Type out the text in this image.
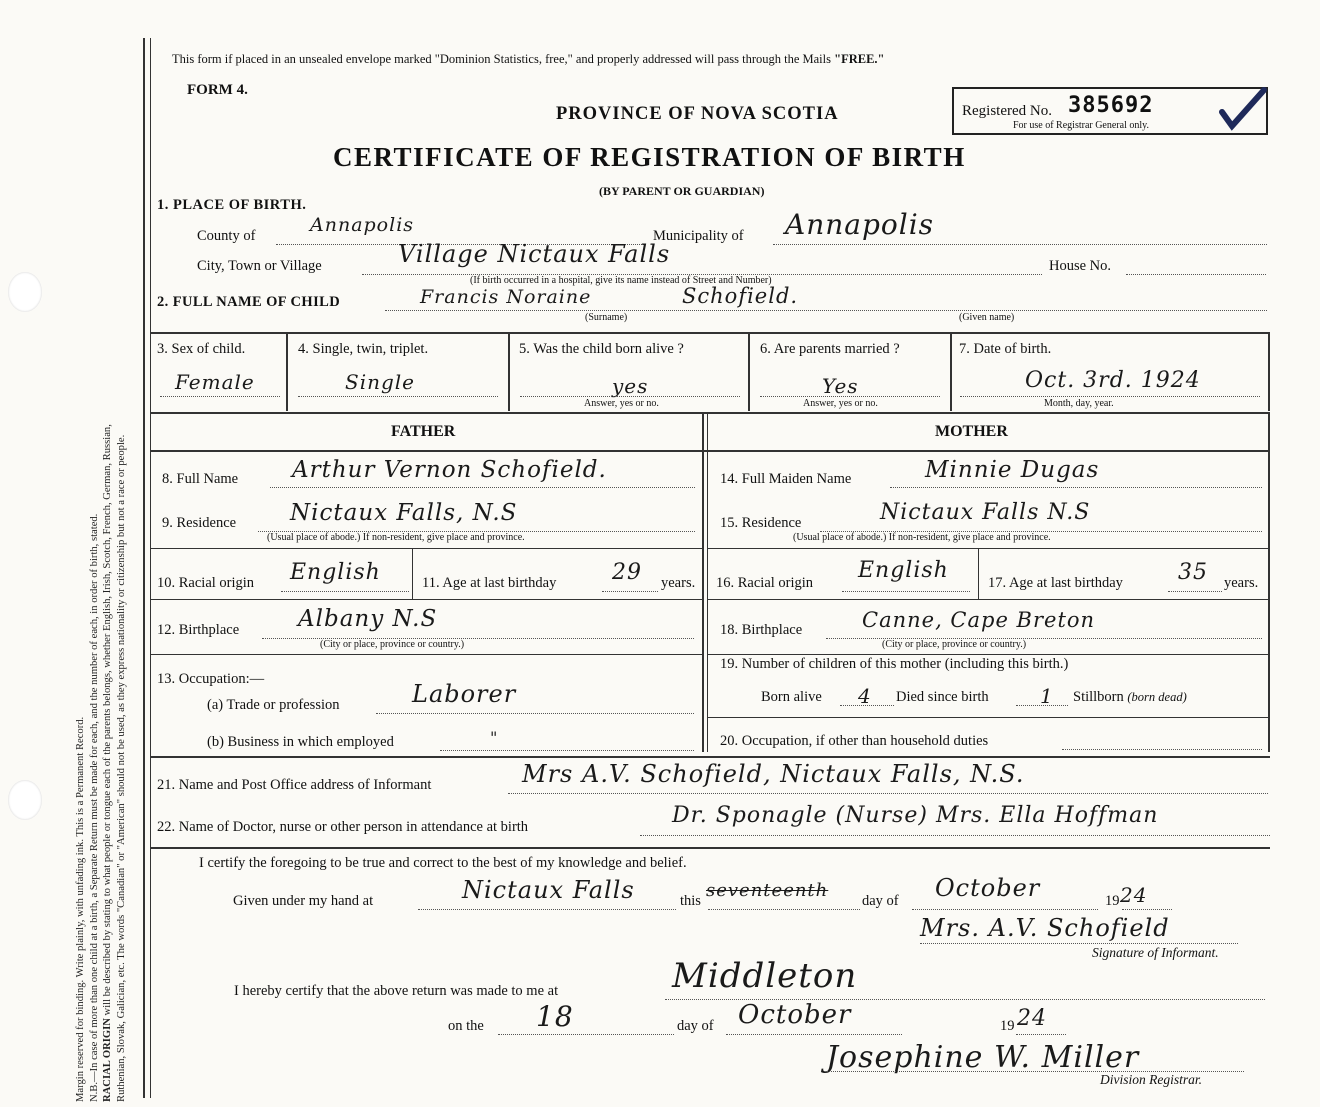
Margin reserved for binding. Write plainly, with unfading ink. This is a Permanent Record. N.B.—In case of more than one child at a birth, a Separate Return must be made for each, and the number of each, in order of birth, stated. RACIAL ORIGIN will be described by stating to what people or tongue each of the parents belongs, whether English, Irish, Scotch, French, German, Russian, Ruthenian, Slovak, Galician, etc. The words "Canadian" or "American" should not be used, as they express nationality or citizenship but not a race or people.
This form if placed in an unsealed envelope marked "Dominion Statistics, free," and properly addressed will pass through the Mails "FREE."
FORM 4.
PROVINCE OF NOVA SCOTIA
CERTIFICATE OF REGISTRATION OF BIRTH
(BY PARENT OR GUARDIAN)
Registered No. 385692
For use of Registrar General only.
1. PLACE OF BIRTH.
County of	Annapolis	Municipality of Annapolis
City, Town or Village	Village Nictaux Falls
(If birth occurred in a hospital, give its name instead of Street and Number)
House No.
2. FULL NAME OF CHILD	Francis Noraine	Schofield.
(Surname)	(Given name)
3. Sex of child.
Female
4. Single, twin, triplet.
Single
5. Was the child born alive ?
yes
Answer, yes or no.
6. Are parents married ?
Yes
Answer, yes or no.
7. Date of birth.
Oct. 3rd. 1924
Month, day, year.
FATHER	MOTHER
8. Full Name Arthur Vernon Schofield.	14. Full Maiden Name	Minnie Dugas
9. Residence Nictaux Falls, N.S
(Usual place of abode.) If non-resident, give place and province.
15. Residence	Nictaux Falls N.S
(Usual place of abode.) If non-resident, give place and province.
10. Racial origin English	11. Age at last birthday	29 years. 16. Racial origin English	17. Age at last birthday	35 years.
12. Birthplace	Albany N.S
(City or place, province or country.)
18. Birthplace	Canne, Cape Breton
(City or place, province or country.)
13. Occupation:—
(a) Trade or profession	Laborer
(b) Business in which employed	"
19. Number of children of this mother (including this birth.)
Born alive 4 Died since birth	1 Stillborn (born dead)
20. Occupation, if other than household duties
21. Name and Post Office address of Informant	Mrs A.V. Schofield, Nictaux Falls, N.S.
22. Name of Doctor, nurse or other person in attendance at birth	Dr. Sponagle (Nurse) Mrs. Ella Hoffman
I certify the foregoing to be true and correct to the best of my knowledge and belief.
Given under my hand at	Nictaux Falls	this seventeenth day of October	19 24
Mrs. A.V. Schofield
Signature of Informant.
I hereby certify that the above return was made to me at	Middleton
on the 18	day of October	19 24
Josephine W. Miller
Division Registrar.
